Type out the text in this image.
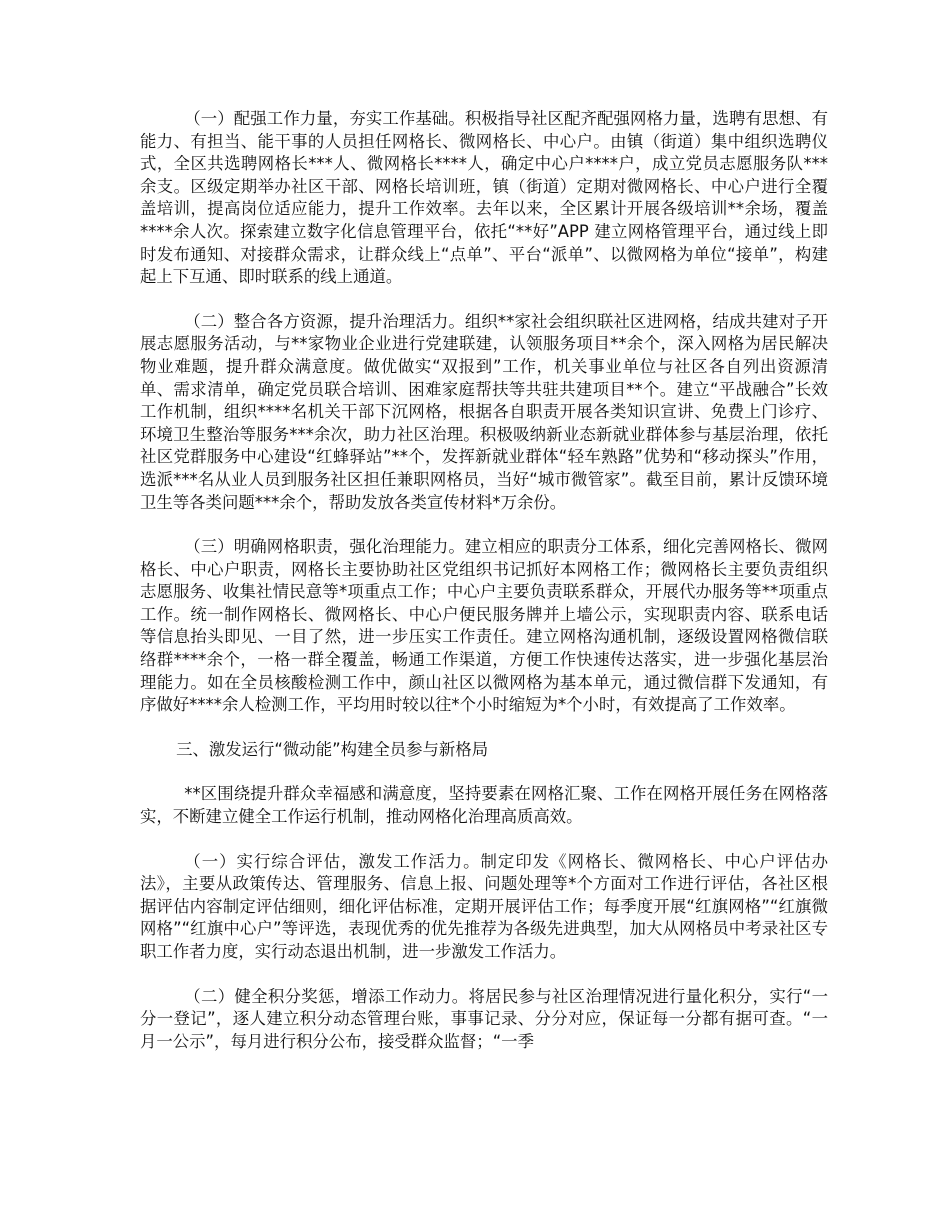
（一）配强工作力量，夯实工作基础。积极指导社区配齐配强网格力量，选聘有思想、有能力、有担当、能干事的人员担任网格长、微网格长、中心户。由镇（街道）集中组织选聘仪式，全区共选聘网格长***人、微网格长****人，确定中心户****户，成立党员志愿服务队***余支。区级定期举办社区干部、网格长培训班，镇（街道）定期对微网格长、中心户进行全覆盖培训，提高岗位适应能力，提升工作效率。去年以来，全区累计开展各级培训**余场，覆盖****余人次。探索建立数字化信息管理平台，依托“**好”APP 建立网格管理平台，通过线上即时发布通知、对接群众需求，让群众线上“点单”、平台“派单”、以微网格为单位“接单”，构建起上下互通、即时联系的线上通道。

（二）整合各方资源，提升治理活力。组织**家社会组织联社区进网格，结成共建对子开展志愿服务活动，与**家物业企业进行党建联建，认领服务项目**余个，深入网格为居民解决物业难题，提升群众满意度。做优做实“双报到”工作，机关事业单位与社区各自列出资源清单、需求清单，确定党员联合培训、困难家庭帮扶等共驻共建项目**个。建立“平战融合”长效工作机制，组织****名机关干部下沉网格，根据各自职责开展各类知识宣讲、免费上门诊疗、环境卫生整治等服务***余次，助力社区治理。积极吸纳新业态新就业群体参与基层治理，依托社区党群服务中心建设“红蜂驿站”**个，发挥新就业群体“轻车熟路”优势和“移动探头”作用，选派***名从业人员到服务社区担任兼职网格员，当好“城市微管家”。截至目前，累计反馈环境卫生等各类问题***余个，帮助发放各类宣传材料*万余份。

（三）明确网格职责，强化治理能力。建立相应的职责分工体系，细化完善网格长、微网格长、中心户职责，网格长主要协助社区党组织书记抓好本网格工作；微网格长主要负责组织志愿服务、收集社情民意等*项重点工作；中心户主要负责联系群众，开展代办服务等**项重点工作。统一制作网格长、微网格长、中心户便民服务牌并上墙公示，实现职责内容、联系电话等信息抬头即见、一目了然，进一步压实工作责任。建立网格沟通机制，逐级设置网格微信联络群****余个，一格一群全覆盖，畅通工作渠道，方便工作快速传达落实，进一步强化基层治理能力。如在全员核酸检测工作中，颜山社区以微网格为基本单元，通过微信群下发通知，有序做好****余人检测工作，平均用时较以往*个小时缩短为*个小时，有效提高了工作效率。

三、激发运行“微动能”构建全员参与新格局

**区围绕提升群众幸福感和满意度，坚持要素在网格汇聚、工作在网格开展任务在网格落实，不断建立健全工作运行机制，推动网格化治理高质高效。

（一）实行综合评估，激发工作活力。制定印发《网格长、微网格长、中心户评估办法》，主要从政策传达、管理服务、信息上报、问题处理等*个方面对工作进行评估，各社区根据评估内容制定评估细则，细化评估标准，定期开展评估工作；每季度开展“红旗网格”“红旗微网格”“红旗中心户”等评选，表现优秀的优先推荐为各级先进典型，加大从网格员中考录社区专职工作者力度，实行动态退出机制，进一步激发工作活力。

（二）健全积分奖惩，增添工作动力。将居民参与社区治理情况进行量化积分，实行“一分一登记”，逐人建立积分动态管理台账，事事记录、分分对应，保证每一分都有据可查。“一月一公示”，每月进行积分公布，接受群众监督；“一季
